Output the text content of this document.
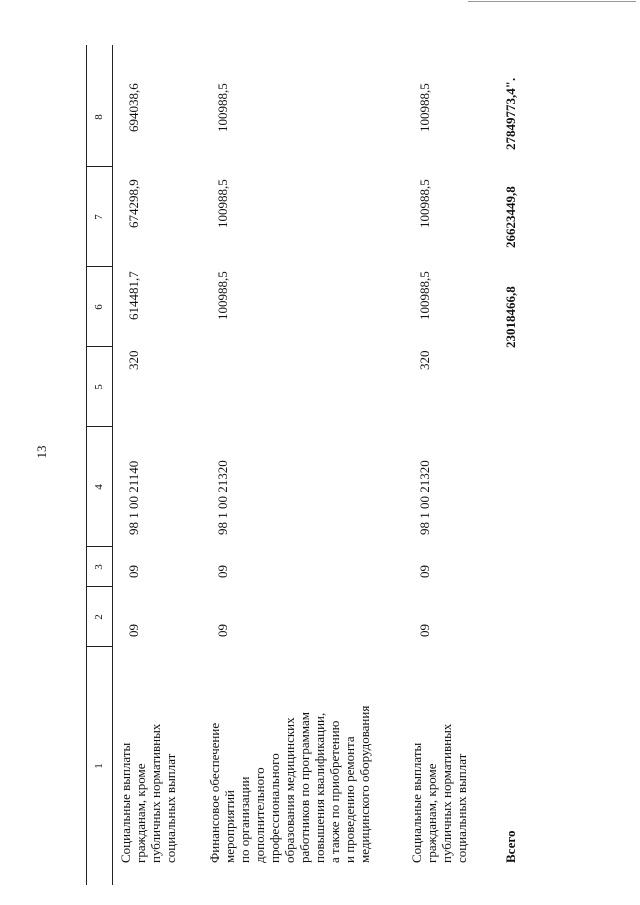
13
1
2
3
4
5
6
7
8
Социальные выплаты гражданам, кроме публичных нормативных социальных выплат
09
09
98 1 00 21140
320
614481,7
674298,9
694038,6
Финансовое обеспечение мероприятий по организации дополнительного профессионального образования медицинских работников по программам повышения квалификации, а также по приобретению и проведению ремонта медицинского оборудования
09
09
98 1 00 21320
100988,5
100988,5
100988,5
Социальные выплаты гражданам, кроме публичных нормативных социальных выплат
09
09
98 1 00 21320
320
100988,5
100988,5
100988,5
Всего
23018466,8
26623449,8
27849773,4".
